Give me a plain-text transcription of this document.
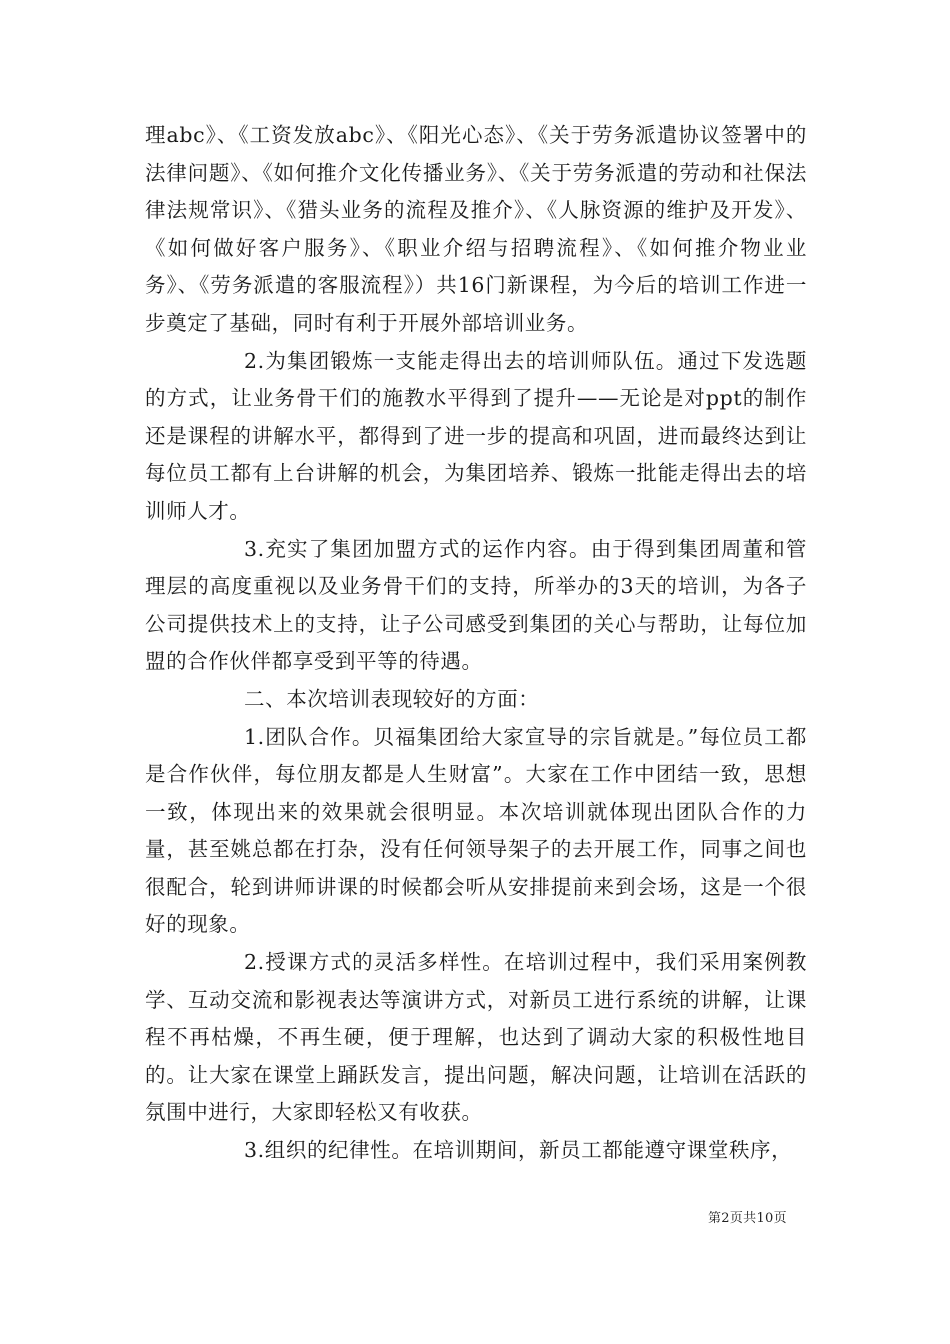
理abc》、《工资发放abc》、《阳光心态》、《关于劳务派遣协议签署中的法律问题》、《如何推介文化传播业务》、《关于劳务派遣的劳动和社保法律法规常识》、《猎头业务的流程及推介》、《人脉资源的维护及开发》、《如何做好客户服务》、《职业介绍与招聘流程》、《如何推介物业业务》、《劳务派遣的客服流程》）共16门新课程，为今后的培训工作进一步奠定了基础，同时有利于开展外部培训业务。

2.为集团锻炼一支能走得出去的培训师队伍。通过下发选题的方式，让业务骨干们的施教水平得到了提升——无论是对ppt的制作还是课程的讲解水平，都得到了进一步的提高和巩固，进而最终达到让每位员工都有上台讲解的机会，为集团培养、锻炼一批能走得出去的培训师人才。

3.充实了集团加盟方式的运作内容。由于得到集团周董和管理层的高度重视以及业务骨干们的支持，所举办的3天的培训，为各子公司提供技术上的支持，让子公司感受到集团的关心与帮助，让每位加盟的合作伙伴都享受到平等的待遇。

二、本次培训表现较好的方面：

1.团队合作。贝福集团给大家宣导的宗旨就是。”每位员工都是合作伙伴，每位朋友都是人生财富”。大家在工作中团结一致，思想一致，体现出来的效果就会很明显。本次培训就体现出团队合作的力量，甚至姚总都在打杂，没有任何领导架子的去开展工作，同事之间也很配合，轮到讲师讲课的时候都会听从安排提前来到会场，这是一个很好的现象。

2.授课方式的灵活多样性。在培训过程中，我们采用案例教学、互动交流和影视表达等演讲方式，对新员工进行系统的讲解，让课程不再枯燥，不再生硬，便于理解，也达到了调动大家的积极性地目的。让大家在课堂上踊跃发言，提出问题，解决问题，让培训在活跃的氛围中进行，大家即轻松又有收获。

3.组织的纪律性。在培训期间，新员工都能遵守课堂秩序，

第2页共10页
